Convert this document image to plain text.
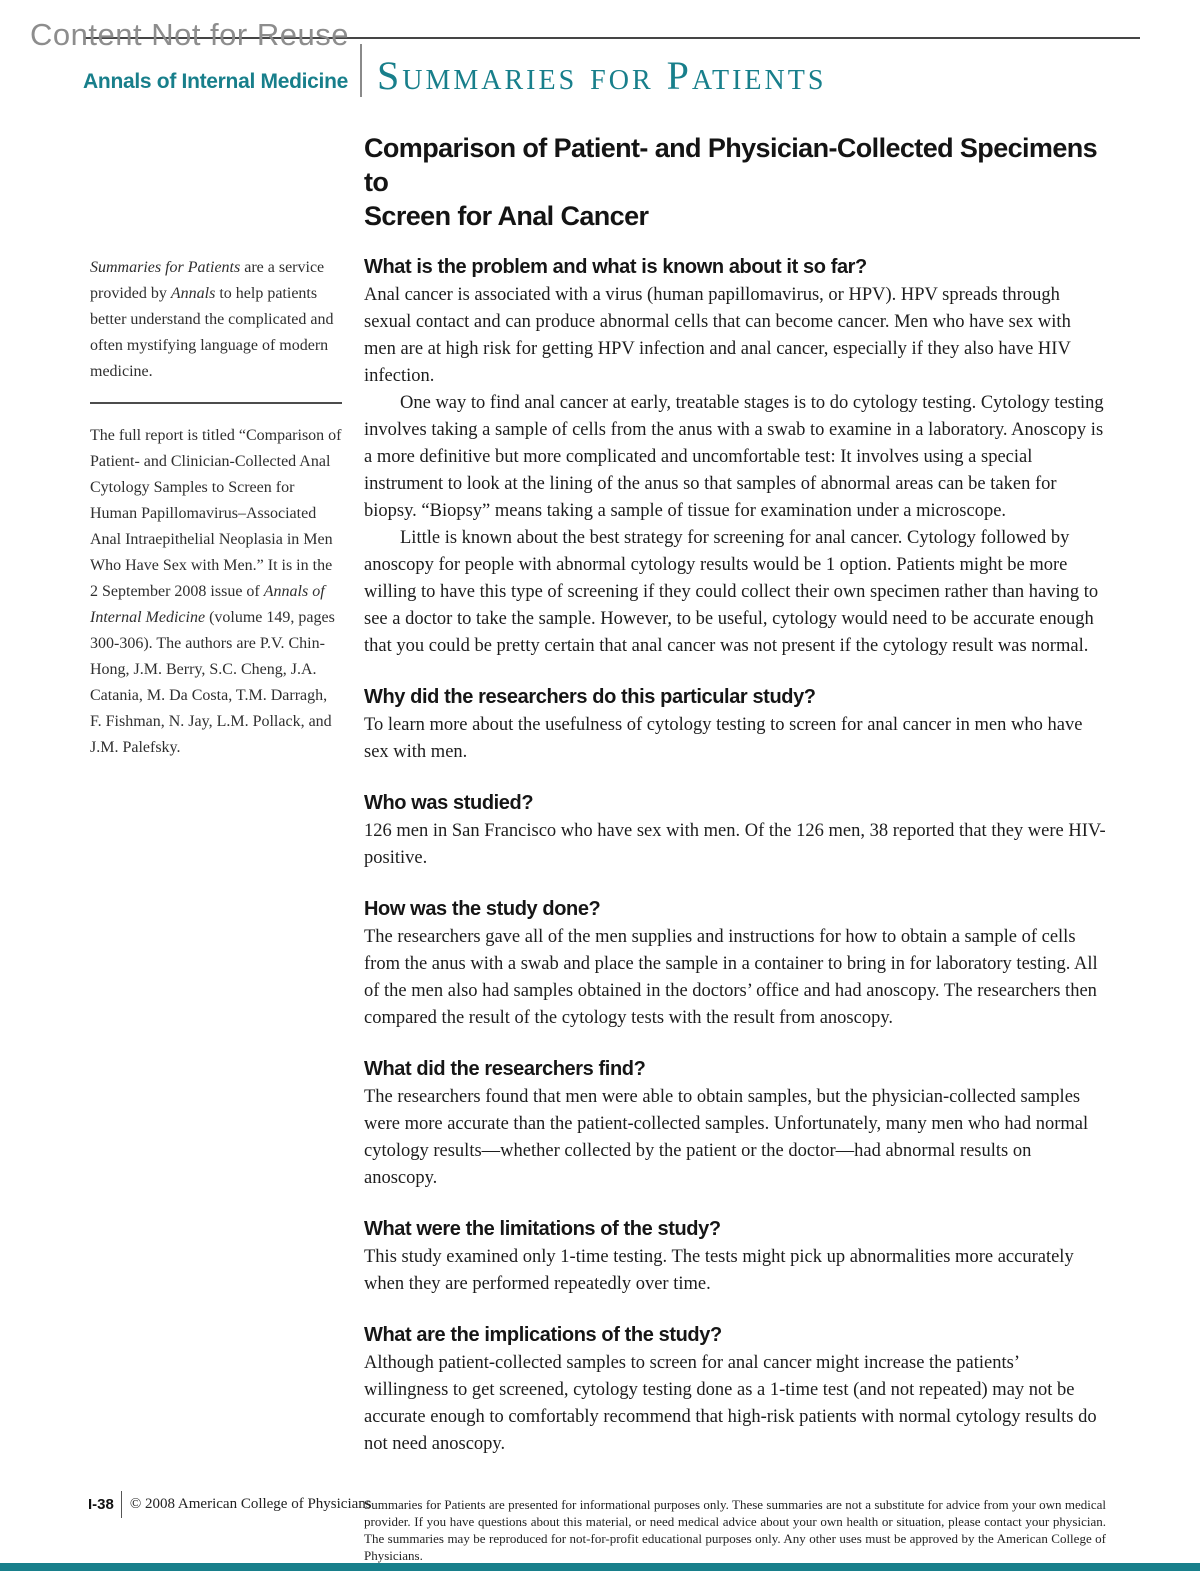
Content Not for Reuse
Annals of Internal Medicine Summaries for Patients
Comparison of Patient- and Physician-Collected Specimens to
Screen for Anal Cancer

Summaries for Patients are a service provided by Annals to help patients better understand the complicated and often mystifying language of modern medicine.

The full report is titled “Comparison of Patient- and Clinician-Collected Anal Cytology Samples to Screen for Human Papillomavirus–Associated Anal Intraepithelial Neoplasia in Men Who Have Sex with Men.” It is in the 2 September 2008 issue of Annals of Internal Medicine (volume 149, pages 300-306). The authors are P.V. Chin-Hong, J.M. Berry, S.C. Cheng, J.A. Catania, M. Da Costa, T.M. Darragh, F. Fishman, N. Jay, L.M. Pollack, and J.M. Palefsky.

What is the problem and what is known about it so far?

Anal cancer is associated with a virus (human papillomavirus, or HPV). HPV spreads through sexual contact and can produce abnormal cells that can become cancer. Men who have sex with men are at high risk for getting HPV infection and anal cancer, especially if they also have HIV infection.

One way to find anal cancer at early, treatable stages is to do cytology testing. Cytology testing involves taking a sample of cells from the anus with a swab to examine in a laboratory. Anoscopy is a more definitive but more complicated and uncomfortable test: It involves using a special instrument to look at the lining of the anus so that samples of abnormal areas can be taken for biopsy. “Biopsy” means taking a sample of tissue for examination under a microscope.

Little is known about the best strategy for screening for anal cancer. Cytology followed by anoscopy for people with abnormal cytology results would be 1 option. Patients might be more willing to have this type of screening if they could collect their own specimen rather than having to see a doctor to take the sample. However, to be useful, cytology would need to be accurate enough that you could be pretty certain that anal cancer was not present if the cytology result was normal.

Why did the researchers do this particular study?

To learn more about the usefulness of cytology testing to screen for anal cancer in men who have sex with men.

Who was studied?

126 men in San Francisco who have sex with men. Of the 126 men, 38 reported that they were HIV-positive.

How was the study done?

The researchers gave all of the men supplies and instructions for how to obtain a sample of cells from the anus with a swab and place the sample in a container to bring in for laboratory testing. All of the men also had samples obtained in the doctors’ office and had anoscopy. The researchers then compared the result of the cytology tests with the result from anoscopy.

What did the researchers find?

The researchers found that men were able to obtain samples, but the physician-collected samples were more accurate than the patient-collected samples. Unfortunately, many men who had normal cytology results—whether collected by the patient or the doctor—had abnormal results on anoscopy.

What were the limitations of the study?

This study examined only 1-time testing. The tests might pick up abnormalities more accurately when they are performed repeatedly over time.

What are the implications of the study?

Although patient-collected samples to screen for anal cancer might increase the patients’ willingness to get screened, cytology testing done as a 1-time test (and not repeated) may not be accurate enough to comfortably recommend that high-risk patients with normal cytology results do not need anoscopy.

Summaries for Patients are presented for informational purposes only. These summaries are not a substitute for advice from your own medical provider. If you have questions about this material, or need medical advice about your own health or situation, please contact your physician. The summaries may be reproduced for not-for-profit educational purposes only. Any other uses must be approved by the American College of Physicians.

I-38 © 2008 American College of Physicians
